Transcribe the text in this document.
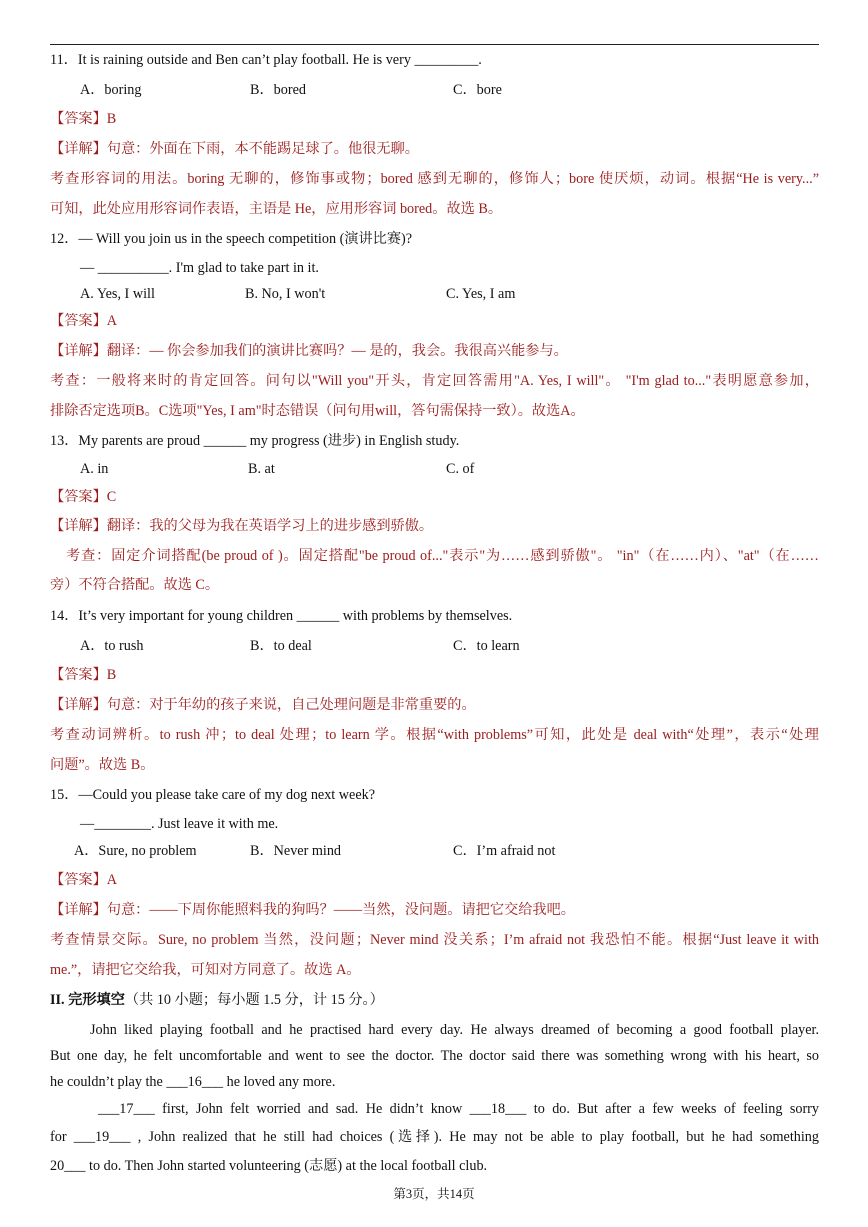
11．It is raining outside and Ben can’t play football. He is very _________.
A．boring	B．bored	C．bore
【答案】B
【详解】句意：外面在下雨，本不能踢足球了。他很无聊。
考查形容词的用法。boring 无聊的，修饰事或物；bored 感到无聊的，修饰人；bore 使厌烦，动词。根据“He is very...”
可知，此处应用形容词作表语，主语是 He，应用形容词 bored。故选 B。
12．— Will you join us in the speech competition (演讲比赛)?
— __________. I'm glad to take part in it.
A. Yes, I will	B. No, I won't	C. Yes, I am
【答案】A
【详解】翻译：— 你会参加我们的演讲比赛吗？— 是的，我会。我很高兴能参与。
考查：一般将来时的肯定回答。问句以"Will you"开头，肯定回答需用"A. Yes, I will"。 "I'm glad to..."表明愿意参加，
排除否定选项B。C选项"Yes, I am"时态错误（问句用will，答句需保持一致）。故选A。
13．My parents are proud ______ my progress (进步) in English study.
A. in	B. at	C. of
【答案】C
【详解】翻译：我的父母为我在英语学习上的进步感到骄傲。
考查：固定介词搭配(be proud of )。固定搭配"be proud of..."表示"为……感到骄傲"。 "in"（在……内）、"at"（在……
旁）不符合搭配。故选 C。
14．It’s very important for young children ______ with problems by themselves.
A．to rush	B．to deal	C．to learn
【答案】B
【详解】句意：对于年幼的孩子来说，自己处理问题是非常重要的。
考查动词辨析。to rush 冲；to deal 处理；to learn 学。根据“with problems”可知，此处是 deal with“处理”，表示“处理
问题”。故选 B。
15．—Could you please take care of my dog next week?
—________. Just leave it with me.
A．Sure, no problem	B．Never mind	C．I’m afraid not
【答案】A
【详解】句意：——下周你能照料我的狗吗？——当然，没问题。请把它交给我吧。
考查情景交际。Sure, no problem 当然，没问题；Never mind 没关系；I’m afraid not 我恐怕不能。根据“Just leave it with
me.”，请把它交给我，可知对方同意了。故选 A。
II. 完形填空（共 10 小题；每小题 1.5 分，计 15 分。）
John liked playing football and he practised hard every day. He always dreamed of becoming a good football player.
But one day, he felt uncomfortable and went to see the doctor. The doctor said there was something wrong with his heart, so
he couldn’t play the ___16___ he loved any more.
___17___ first, John felt worried and sad. He didn’t know ___18___ to do. But after a few weeks of feeling sorry
for ___19___ , John realized that he still had choices (选择). He may not be able to play football, but he had something
20___ to do. Then John started volunteering (志愿) at the local football club.
第3页，共14页
